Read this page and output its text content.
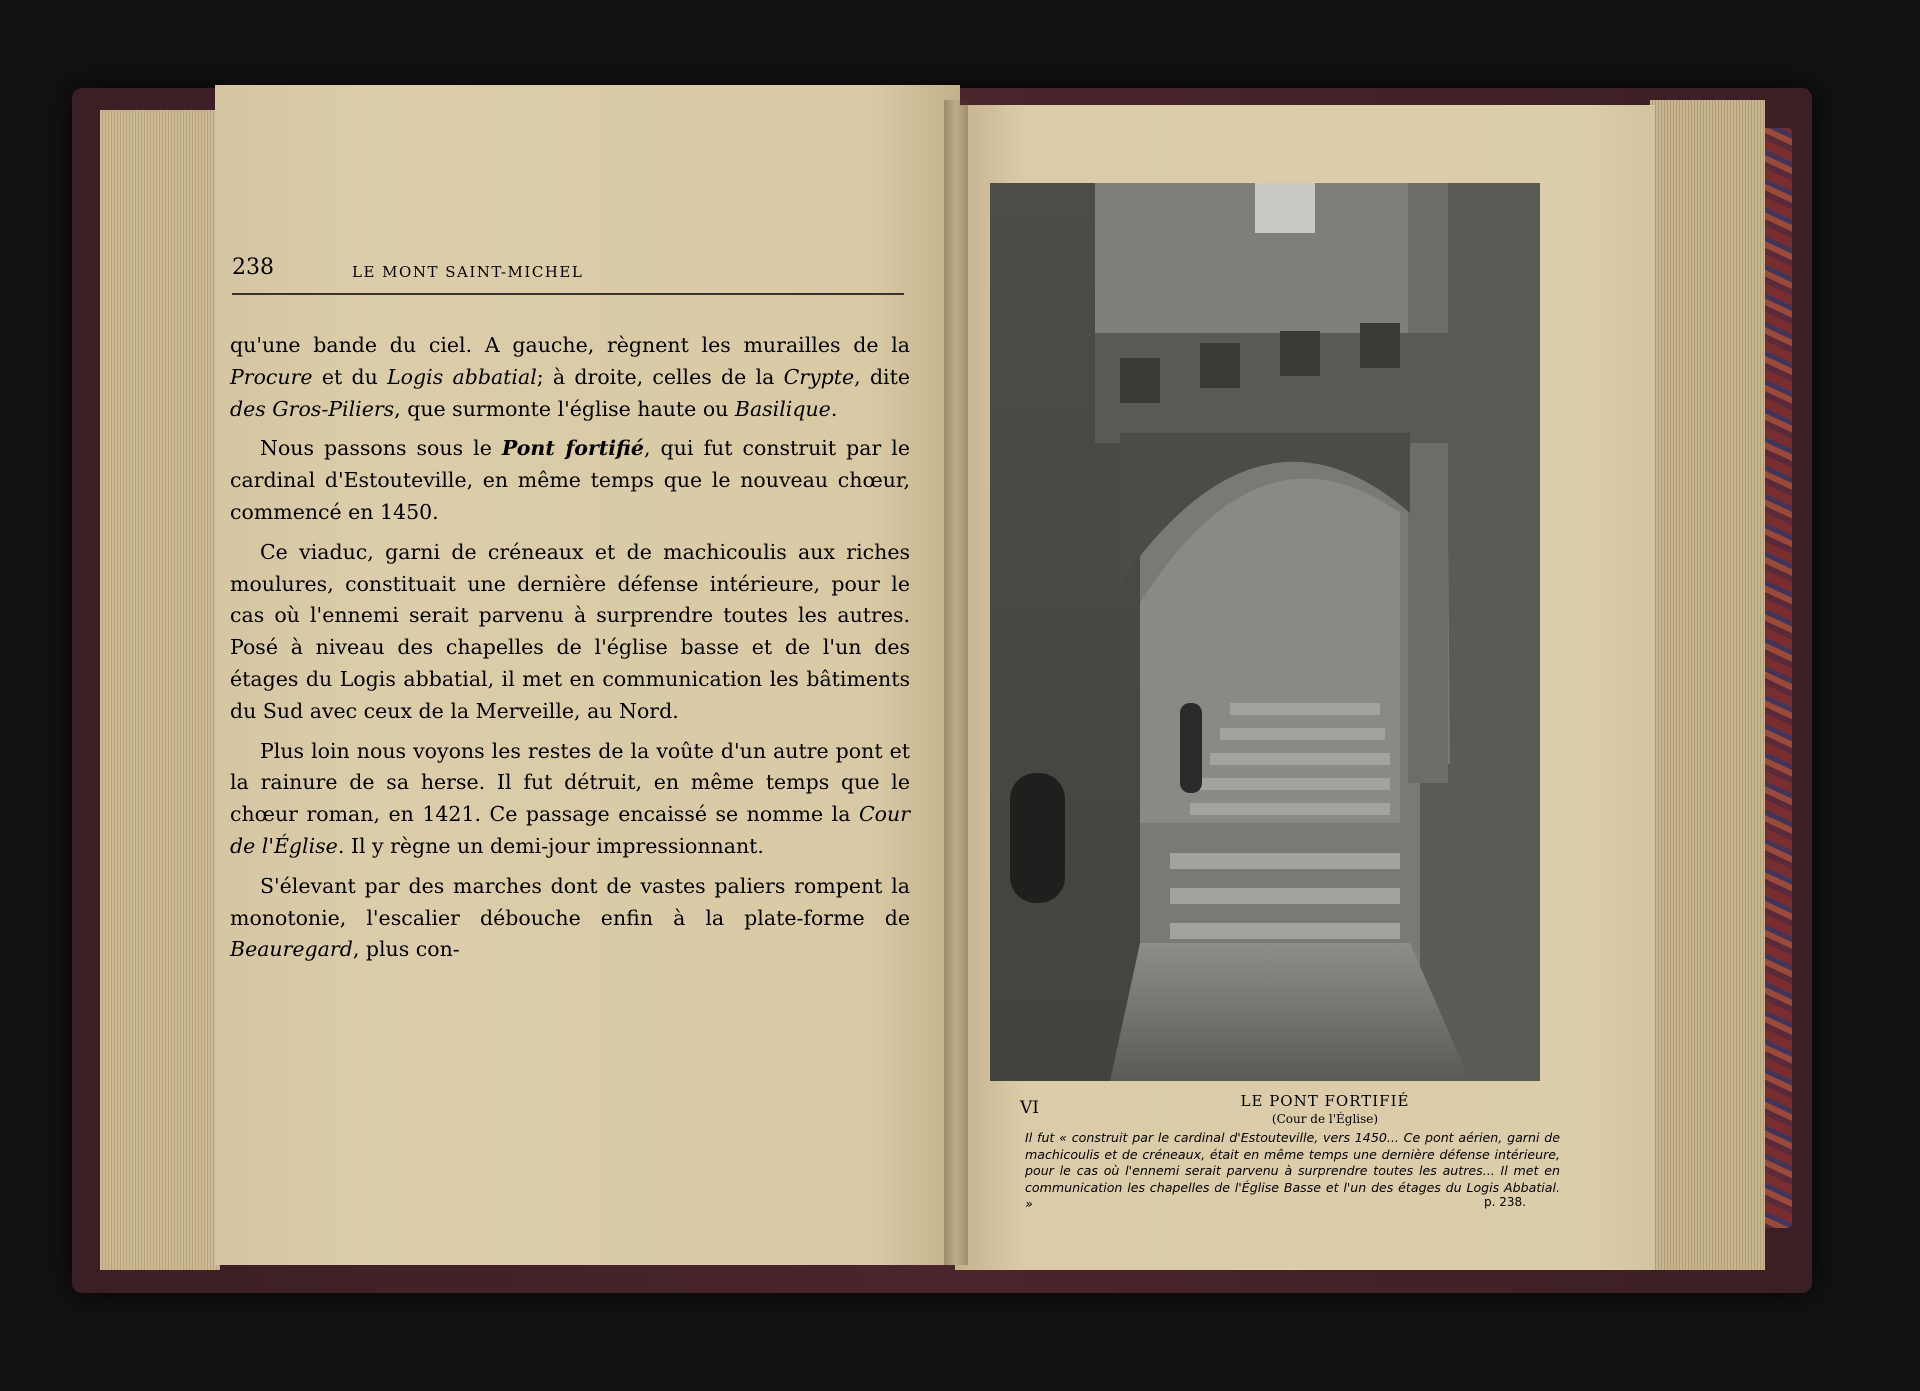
238	LE MONT SAINT-MICHEL

qu'une bande du ciel. A gauche, règnent les murailles de la Procure et du Logis abbatial; à droite, celles de la Crypte, dite des Gros-Piliers, que surmonte l'église haute ou Basilique.

Nous passons sous le Pont fortifié, qui fut construit par le cardinal d'Estouteville, en même temps que le nouveau chœur, commencé en 1450.

Ce viaduc, garni de créneaux et de machicoulis aux riches moulures, constituait une dernière défense intérieure, pour le cas où l'ennemi serait parvenu à surprendre toutes les autres. Posé à niveau des chapelles de l'église basse et de l'un des étages du Logis abbatial, il met en communication les bâtiments du Sud avec ceux de la Merveille, au Nord.

Plus loin nous voyons les restes de la voûte d'un autre pont et la rainure de sa herse. Il fut détruit, en même temps que le chœur roman, en 1421. Ce passage encaissé se nomme la Cour de l'Église. Il y règne un demi-jour impressionnant.

S'élevant par des marches dont de vastes paliers rompent la monotonie, l'escalier débouche enfin à la plate-forme de Beauregard, plus con-

VI	LE PONT FORTIFIÉ
(Cour de l'Église)
Il fut « construit par le cardinal d'Estouteville, vers 1450... Ce pont aérien, garni de machicoulis et de créneaux, était en même temps une dernière défense intérieure, pour le cas où l'ennemi serait parvenu à surprendre toutes les autres... Il met en communication les chapelles de l'Église Basse et l'un des étages du Logis Abbatial. »	p. 238.
